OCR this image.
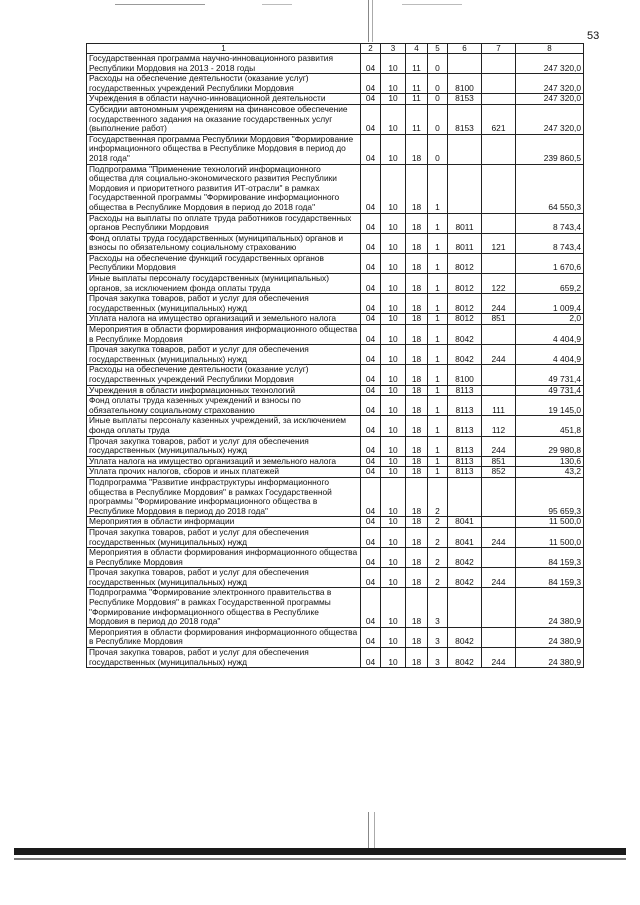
53
1	2	3	4	5	6	7	8
Государственная программа научно-инновационного развития Республики Мордовия на 2013 - 2018 годы	04	10	11	0			247 320,0
Расходы на обеспечение деятельности (оказание услуг) государственных учреждений Республики Мордовия	04	10	11	0	8100		247 320,0
Учреждения в области научно-инновационной деятельности	04	10	11	0	8153		247 320,0
Субсидии автономным учреждениям на финансовое обеспечение государственного задания на оказание государственных услуг (выполнение работ)	04	10	11	0	8153	621	247 320,0
Государственная программа Республики Мордовия "Формирование информационного общества в Республике Мордовия в период до 2018 года"	04	10	18	0			239 860,5
Подпрограмма "Применение технологий информационного общества для социально-экономического развития Республики Мордовия и приоритетного развития ИТ-отрасли" в рамках Государственной программы "Формирование информационного общества в Республике Мордовия в период до 2018 года"	04	10	18	1			64 550,3
Расходы на выплаты по оплате труда работников государственных органов Республики Мордовия	04	10	18	1	8011		8 743,4
Фонд оплаты труда государственных (муниципальных) органов и взносы по обязательному социальному страхованию	04	10	18	1	8011	121	8 743,4
Расходы на обеспечение функций государственных органов Республики Мордовия	04	10	18	1	8012		1 670,6
Иные выплаты персоналу государственных (муниципальных) органов, за исключением фонда оплаты труда	04	10	18	1	8012	122	659,2
Прочая закупка товаров, работ и услуг для обеспечения государственных (муниципальных) нужд	04	10	18	1	8012	244	1 009,4
Уплата налога на имущество организаций и земельного налога	04	10	18	1	8012	851	2,0
Мероприятия в области формирования информационного общества в Республике Мордовия	04	10	18	1	8042		4 404,9
Прочая закупка товаров, работ и услуг для обеспечения государственных (муниципальных) нужд	04	10	18	1	8042	244	4 404,9
Расходы на обеспечение деятельности (оказание услуг) государственных учреждений Республики Мордовия	04	10	18	1	8100		49 731,4
Учреждения в области информационных технологий	04	10	18	1	8113		49 731,4
Фонд оплаты труда казенных учреждений и взносы по обязательному социальному страхованию	04	10	18	1	8113	111	19 145,0
Иные выплаты персоналу казенных учреждений, за исключением фонда оплаты труда	04	10	18	1	8113	112	451,8
Прочая закупка товаров, работ и услуг для обеспечения государственных (муниципальных) нужд	04	10	18	1	8113	244	29 980,8
Уплата налога на имущество организаций и земельного налога	04	10	18	1	8113	851	130,6
Уплата прочих налогов, сборов и иных платежей	04	10	18	1	8113	852	43,2
Подпрограмма "Развитие инфраструктуры информационного общества в Республике Мордовия" в рамках Государственной программы "Формирование информационного общества в Республике Мордовия в период до 2018 года"	04	10	18	2			95 659,3
Мероприятия в области информации	04	10	18	2	8041		11 500,0
Прочая закупка товаров, работ и услуг для обеспечения государственных (муниципальных) нужд	04	10	18	2	8041	244	11 500,0
Мероприятия в области формирования информационного общества в Республике Мордовия	04	10	18	2	8042		84 159,3
Прочая закупка товаров, работ и услуг для обеспечения государственных (муниципальных) нужд	04	10	18	2	8042	244	84 159,3
Подпрограмма "Формирование электронного правительства в Республике Мордовия" в рамках Государственной программы "Формирование информационного общества в Республике Мордовия в период до 2018 года"	04	10	18	3			24 380,9
Мероприятия в области формирования информационного общества в Республике Мордовия	04	10	18	3	8042		24 380,9
Прочая закупка товаров, работ и услуг для обеспечения государственных (муниципальных) нужд	04	10	18	3	8042	244	24 380,9
